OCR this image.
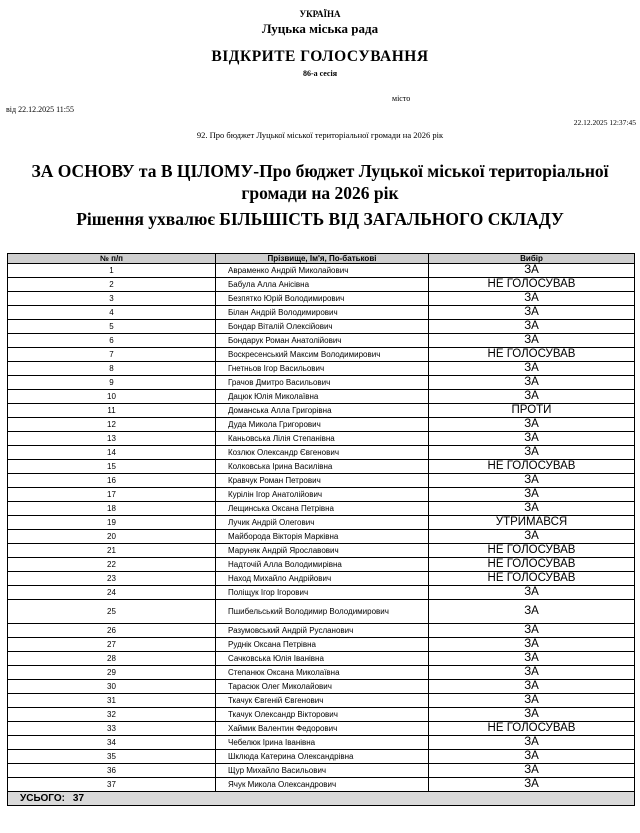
УКРАЇНА
Луцька міська рада
ВІДКРИТЕ ГОЛОСУВАННЯ
86-а сесія
місто
від 22.12.2025 11:55
22.12.2025 12:37:45
92. Про бюджет Луцької міської територіальної громади на 2026 рік
ЗА ОСНОВУ та В ЦІЛОМУ-Про бюджет Луцької міської територіальної громади на 2026 рік
Рішення ухвалює БІЛЬШІСТЬ ВІД ЗАГАЛЬНОГО СКЛАДУ
№ п/п	Прізвище, Ім'я, По-батькові	Вибір
1	Авраменко Андрій Миколайович	ЗА
2	Бабула Алла Анісівна	НЕ ГОЛОСУВАВ
3	Безпятко Юрій Володимирович	ЗА
4	Білан Андрій Володимирович	ЗА
5	Бондар Віталій Олексійович	ЗА
6	Бондарук Роман Анатолійович	ЗА
7	Воскресенський Максим Володимирович	НЕ ГОЛОСУВАВ
8	Гнетньов Ігор Васильович	ЗА
9	Грачов Дмитро Васильович	ЗА
10	Дацюк Юлія Миколаївна	ЗА
11	Доманська Алла Григорівна	ПРОТИ
12	Дуда Микола Григорович	ЗА
13	Каньовська Лілія Степанівна	ЗА
14	Козлюк Олександр Євгенович	ЗА
15	Колковська Ірина Василівна	НЕ ГОЛОСУВАВ
16	Кравчук Роман Петрович	ЗА
17	Курілін Ігор Анатолійович	ЗА
18	Лещинська Оксана Петрівна	ЗА
19	Лучик Андрій Олегович	УТРИМАВСЯ
20	Майборода Вікторія Марківна	ЗА
21	Маруняк Андрій Ярославович	НЕ ГОЛОСУВАВ
22	Надточій Алла Володимирівна	НЕ ГОЛОСУВАВ
23	Наход Михайло Андрійович	НЕ ГОЛОСУВАВ
24	Поліщук Ігор Ігорович	ЗА
25	Пшибельський Володимир Володимирович	ЗА
26	Разумовський Андрій Русланович	ЗА
27	Руднік Оксана Петрівна	ЗА
28	Сачковська Юлія Іванівна	ЗА
29	Степанюк Оксана Миколаївна	ЗА
30	Тарасюк Олег Миколайович	ЗА
31	Ткачук Євгеній Євгенович	ЗА
32	Ткачук Олександр Вікторович	ЗА
33	Хаймик Валентин Федорович	НЕ ГОЛОСУВАВ
34	Чебелюк Ірина Іванівна	ЗА
35	Шклюда Катерина Олександрівна	ЗА
36	Щур Михайло Васильович	ЗА
37	Ячук Микола Олександрович	ЗА
УСЬОГО: 37		
